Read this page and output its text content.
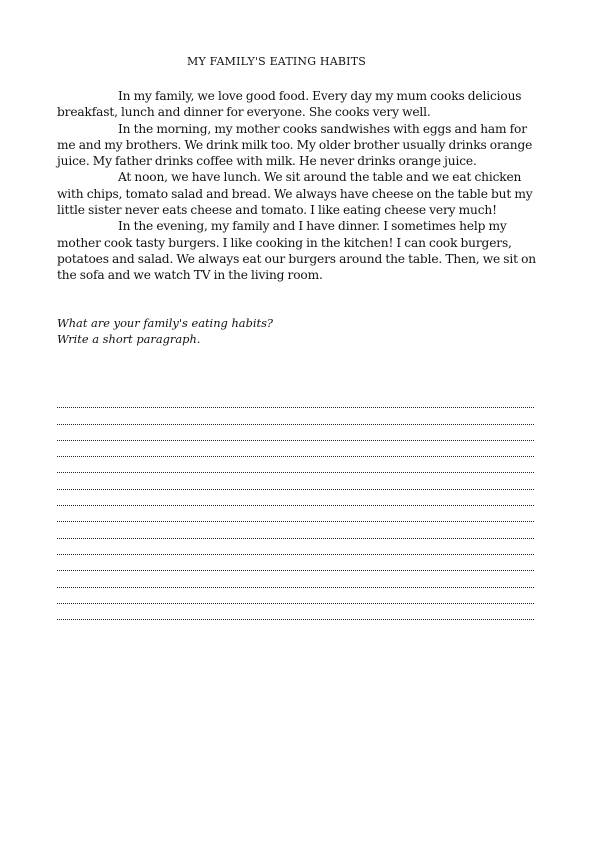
MY FAMILY'S EATING HABITS

In my family, we love good food. Every day my mum cooks delicious
breakfast, lunch and dinner for everyone. She cooks very well.

In the morning, my mother cooks sandwishes with eggs and ham for
me and my brothers. We drink milk too. My older brother usually drinks orange
juice. My father drinks coffee with milk. He never drinks orange juice.

At noon, we have lunch. We sit around the table and we eat chicken
with chips, tomato salad and bread. We always have cheese on the table but my
little sister never eats cheese and tomato. I like eating cheese very much!

In the evening, my family and I have dinner. I sometimes help my
mother cook tasty burgers. I like cooking in the kitchen! I can cook burgers,
potatoes and salad. We always eat our burgers around the table. Then, we sit on
the sofa and we watch TV in the living room.

What are your family's eating habits?
Write a short paragraph.
